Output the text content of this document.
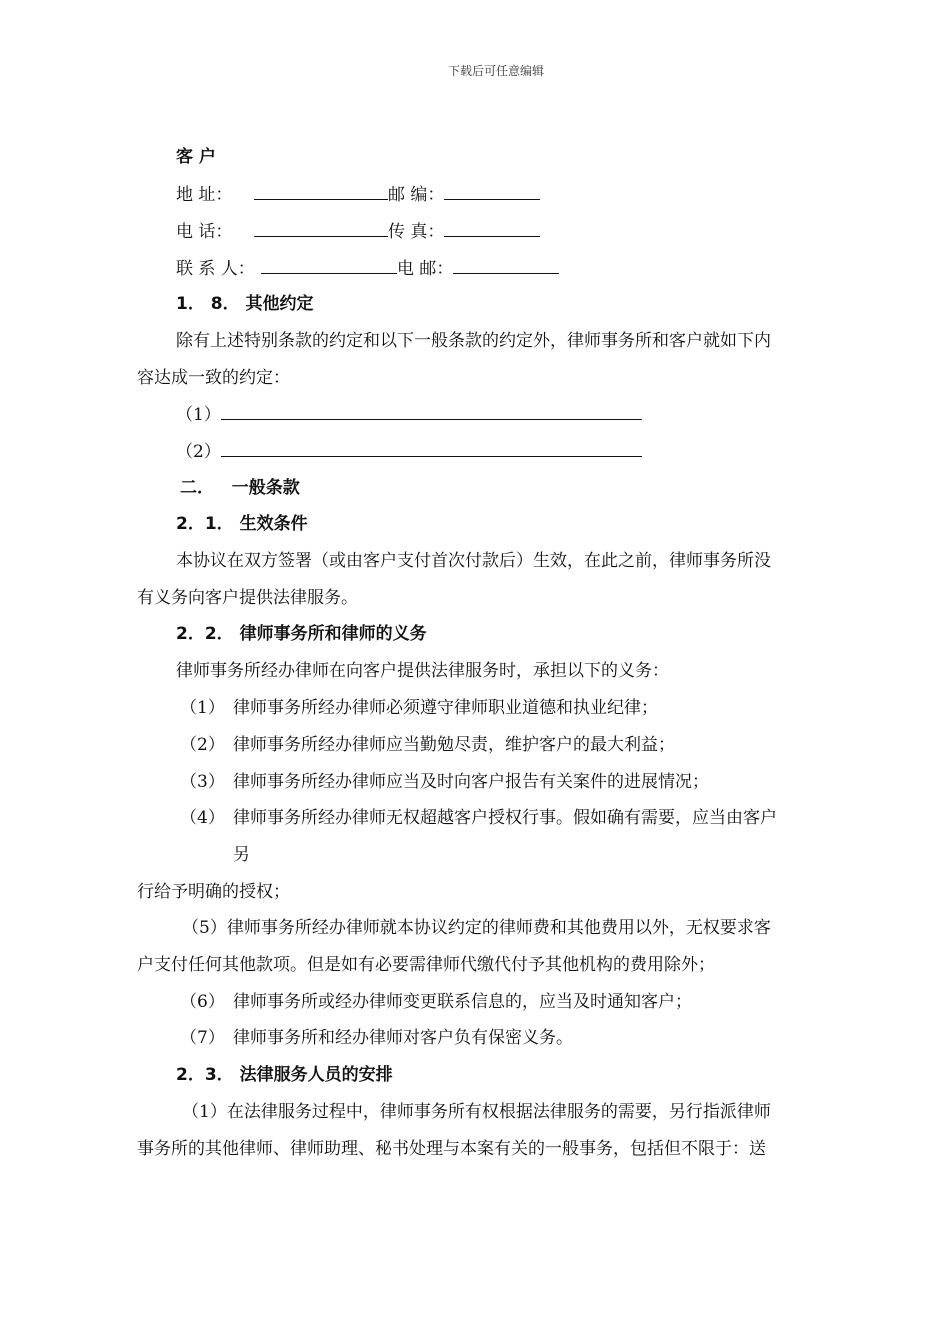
下载后可任意编辑
客 户
地 址：	邮 编：
电 话：	传 真：
联 系 人：	电 邮：
1． 8． 其他约定
除有上述特别条款的约定和以下一般条款的约定外，律师事务所和客户就如下内
容达成一致的约定：
（1）
（2）
二．   一般条款
2．1． 生效条件
本协议在双方签署（或由客户支付首次付款后）生效，在此之前，律师事务所没
有义务向客户提供法律服务。
2．2． 律师事务所和律师的义务
律师事务所经办律师在向客户提供法律服务时，承担以下的义务：
（1） 律师事务所经办律师必须遵守律师职业道德和执业纪律；
（2） 律师事务所经办律师应当勤勉尽责，维护客户的最大利益；
（3） 律师事务所经办律师应当及时向客户报告有关案件的进展情况；
（4） 律师事务所经办律师无权超越客户授权行事。假如确有需要，应当由客户
另
行给予明确的授权；
（5）律师事务所经办律师就本协议约定的律师费和其他费用以外，无权要求客
户支付任何其他款项。但是如有必要需律师代缴代付予其他机构的费用除外；
（6） 律师事务所或经办律师变更联系信息的，应当及时通知客户；
（7） 律师事务所和经办律师对客户负有保密义务。
2．3． 法律服务人员的安排
（1）在法律服务过程中，律师事务所有权根据法律服务的需要，另行指派律师
事务所的其他律师、律师助理、秘书处理与本案有关的一般事务，包括但不限于：送
